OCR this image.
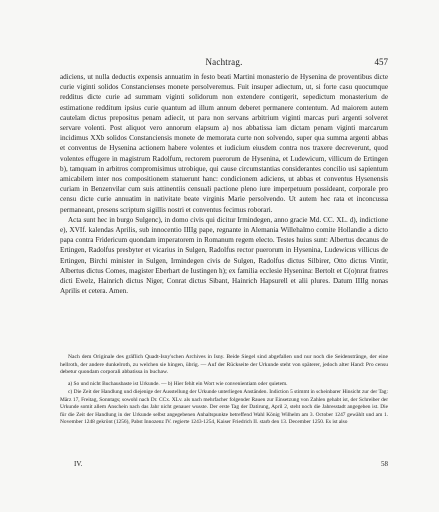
Nachtrag.	457

adiciens, ut nulla deductis expensis annuatim in festo beati Martini monasterio de Hysenina de proventibus dicte curie viginti solidos Constancienses monete persolveremus. Fuit insuper adiectum, ut, si forte casu quocumque redditus dicte curie ad summam viginti solidorum non extendere contigerit, sepedictum monasterium de estimatione redditum ipsius curie quantum ad illum annum deberet permanere contentum. Ad maiorem autem cautelam dictus prepositus penam adiecit, ut para non servans arbitrium viginti marcas puri argenti solveret servare volenti. Post aliquot vero annorum elapsum a) nos abbatissa iam dictam penam viginti marcarum incidimus XXb solidos Constanciensis monete de memorata curte non solvendo, super qua summa argenti abbas et conventus de Hysenina actionem habere volentes et iudicium eiusdem contra nos traxere decreverunt, quod volentes effugere in magistrum Radolfum, rectorem puerorum de Hysenina, et Ludewicum, villicum de Ertingen b), tamquam in arbitros compromisimus utrobique, qui cause circumstantias considerantes concilio usi sapientum amicabilem inter nos compositionem statuerunt hanc: condicionem adiciens, ut abbas et conventus Hysenensis curiam in Benzenvilar cum suis attinentiis censuali pactione pleno iure imperpetuum possideant, corporale pro censu dicte curie annuatim in nativitate beate virginis Marie persolvendo. Ut autem hec rata et inconcussa permaneant, presens scriptum sigillis nostri et conventus fecimus roborari.

Acta sunt hec in burgo Sulgenc), in domo civis qui dicitur Irmindegen, anno gracie Md. CC. XL. d), indictione e), XVIf. kalendas Aprilis, sub innocentio IIIIg pape, regnante in Alemania Willehalmo comite Hollandie a dicto papa contra Fridericum quondam imperatorem in Romanum regem electo. Testes huius sunt: Albertus decanus de Ertingen, Radolfus presbyter et vicarius in Sulgen, Radolfus rector puerorum in Hysenina, Ludewicus villicus de Ertingen, Birchi minister in Sulgen, Irmindegen civis de Sulgen, Radolfus dictus Silbirer, Otto dictus Vintir, Albertus dictus Comes, magister Eberhart de Iustingen h); ex familia ecclesie Hysenina: Bertolt et C(o)nrat fratres dicti Ewelz, Hainrich dictus Niger, Conrat dictus Sibant, Hainrich Hapsurell et alii plures. Datum IIIIg nonas Aprilis et cetera. Amen.

Nach dem Originale des gräflich Quadt-Isny'schen Archives in Isny. Beide Siegel sind abgefallen und nur noch die Seidenstränge, der eine hellroth, der andere dunkelroth, zu welchen sie hingen, übrig. — Auf der Rückseite der Urkunde steht von späterer, jedoch alter Hand: Pro censu debetur quondam corporali abbatissa in buchaw.

a) So und nicht Buchausbaste ist Urkunde. — b) Hier fehlt ein Wort wie convenientiam oder quietem.

c) Die Zeit der Handlung und diejenige der Ausstellung der Urkunde unterliegen Anständen. Indiction 5 stimmt in scheinbarer Hinsicht zur der Tag: März 17, Freitag, Sonntags; sowohl nach Dr. CCx. XLv. als nach mehrfacher folgender Rauen zur Einsetzung von Zahlen gehabt ist, der Schreiber der Urkunde somit allem Anschein nach das Jahr nicht genauer wusste. Der erste Tag der Datirung, April 2, steht noch die Jahresstadt angegeben ist. Die für die Zeit der Handlung in der Urkunde selbst angegebenen Anhaltspunkte betreffend Wahl König Wilhelm am 3. October 1247 gewählt und am 1. November 1248 gekrönt (1256), Pabst Innozenz IV. regierte 1243-1254, Kaiser Friedrich II. starb den 13. December 1250. Es ist also

IV.	58
